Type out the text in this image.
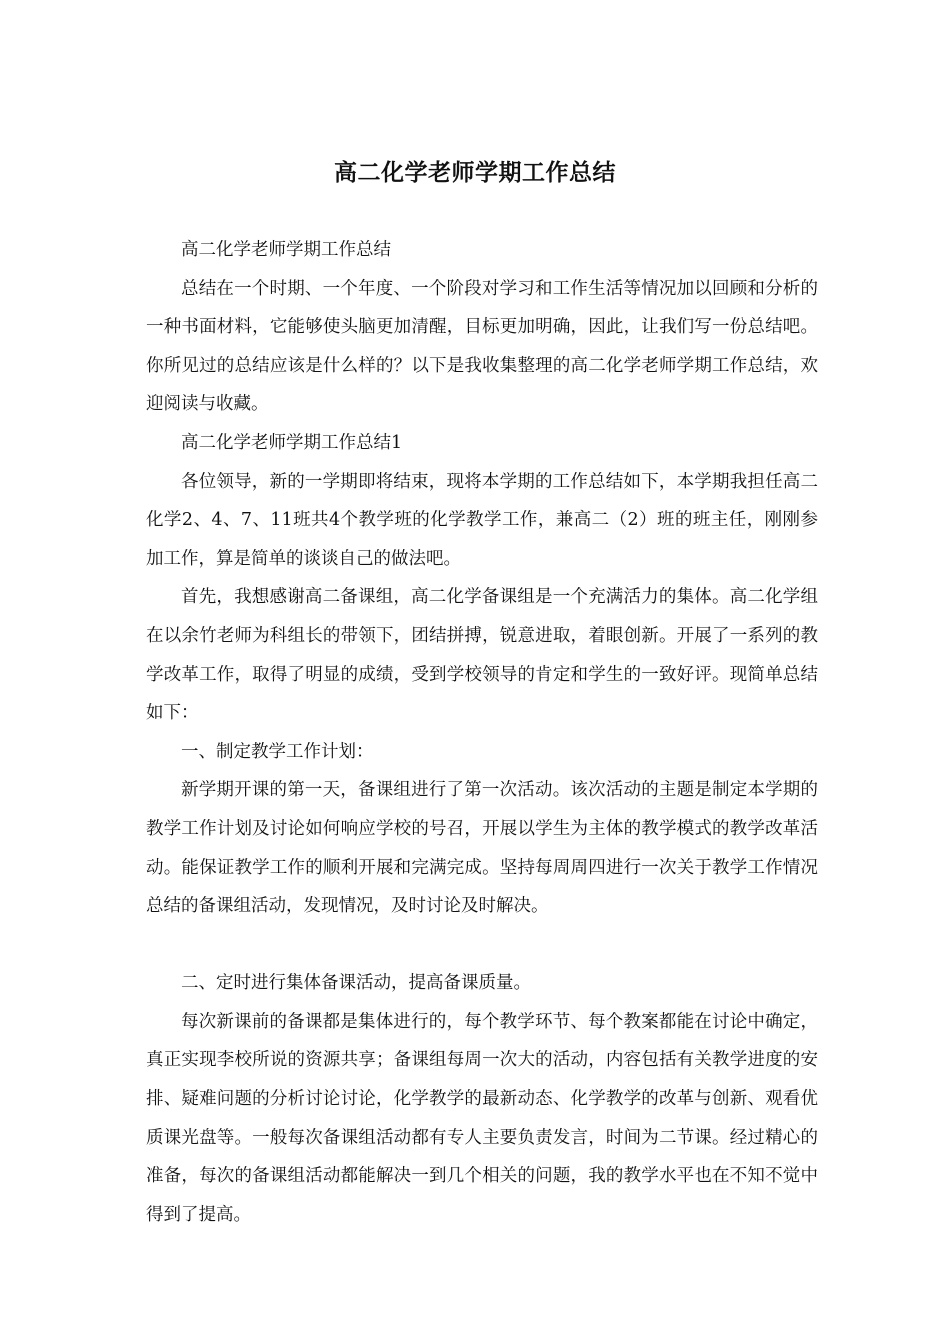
高二化学老师学期工作总结

高二化学老师学期工作总结

总结在一个时期、一个年度、一个阶段对学习和工作生活等情况加以回顾和分析的一种书面材料，它能够使头脑更加清醒，目标更加明确，因此，让我们写一份总结吧。你所见过的总结应该是什么样的？以下是我收集整理的高二化学老师学期工作总结，欢迎阅读与收藏。

高二化学老师学期工作总结1

各位领导，新的一学期即将结束，现将本学期的工作总结如下，本学期我担任高二化学2、4、7、11班共4个教学班的化学教学工作，兼高二（2）班的班主任，刚刚参加工作，算是简单的谈谈自己的做法吧。

首先，我想感谢高二备课组，高二化学备课组是一个充满活力的集体。高二化学组在以余竹老师为科组长的带领下，团结拼搏，锐意进取，着眼创新。开展了一系列的教学改革工作，取得了明显的成绩，受到学校领导的肯定和学生的一致好评。现简单总结如下：

一、制定教学工作计划：

新学期开课的第一天，备课组进行了第一次活动。该次活动的主题是制定本学期的教学工作计划及讨论如何响应学校的号召，开展以学生为主体的教学模式的教学改革活动。能保证教学工作的顺利开展和完满完成。坚持每周周四进行一次关于教学工作情况总结的备课组活动，发现情况，及时讨论及时解决。

二、定时进行集体备课活动，提高备课质量。

每次新课前的备课都是集体进行的，每个教学环节、每个教案都能在讨论中确定，真正实现李校所说的资源共享；备课组每周一次大的活动，内容包括有关教学进度的安排、疑难问题的分析讨论讨论，化学教学的最新动态、化学教学的改革与创新、观看优质课光盘等。一般每次备课组活动都有专人主要负责发言，时间为二节课。经过精心的准备，每次的备课组活动都能解决一到几个相关的问题，我的教学水平也在不知不觉中得到了提高。
